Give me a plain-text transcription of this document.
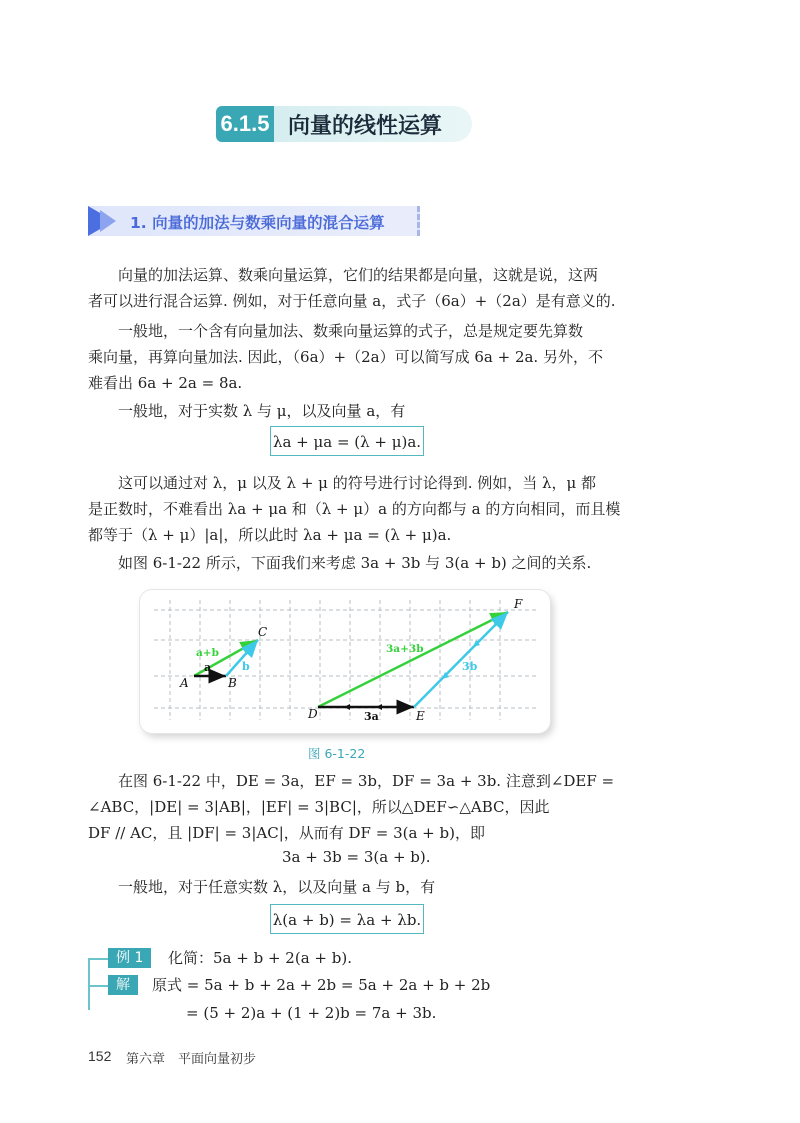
6.1.5 向量的线性运算
1. 向量的加法与数乘向量的混合运算
向量的加法运算、数乘向量运算，它们的结果都是向量，这就是说，这两
者可以进行混合运算. 例如，对于任意向量 a，式子（6a）+（2a）是有意义的.
一般地，一个含有向量加法、数乘向量运算的式子，总是规定要先算数
乘向量，再算向量加法. 因此，（6a）+（2a）可以简写成 6a + 2a. 另外，不
难看出 6a + 2a = 8a.
一般地，对于实数 λ 与 μ，以及向量 a，有
λa + μa = (λ + μ)a.
这可以通过对 λ，μ 以及 λ + μ 的符号进行讨论得到. 例如，当 λ，μ 都
是正数时，不难看出 λa + μa 和（λ + μ）a 的方向都与 a 的方向相同，而且模
都等于（λ + μ）|a|，所以此时 λa + μa = (λ + μ)a.
如图 6-1-22 所示，下面我们来考虑 3a + 3b 与 3(a + b) 之间的关系.
A	B
C
D	E
F
a	b
a+b
3a
3b
3a+3b
图 6-1-22
在图 6-1-22 中，DE = 3a，EF = 3b，DF = 3a + 3b. 注意到∠DEF =
∠ABC，|DE| = 3|AB|，|EF| = 3|BC|，所以△DEF∽△ABC，因此
DF // AC，且 |DF| = 3|AC|，从而有 DF = 3(a + b)，即
3a + 3b = 3(a + b).
一般地，对于任意实数 λ，以及向量 a 与 b，有
λ(a + b) = λa + λb.
例 1	化简：5a + b + 2(a + b).
解	原式 = 5a + b + 2a + 2b = 5a + 2a + b + 2b
= (5 + 2)a + (1 + 2)b = 7a + 3b.
152 第六章　平面向量初步
